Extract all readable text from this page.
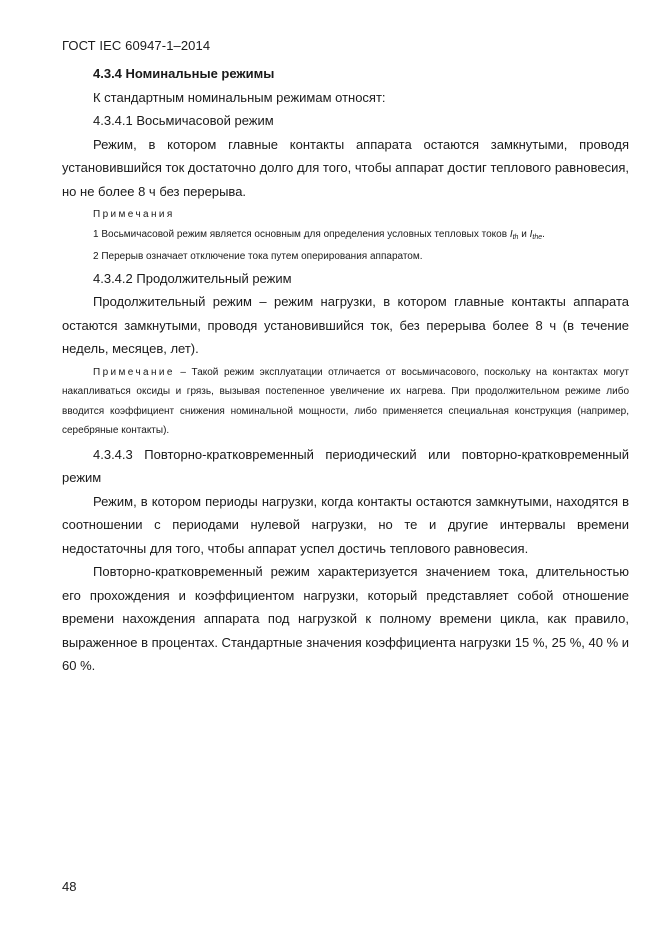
ГОСТ IEC 60947-1–2014

4.3.4 Номинальные режимы

К стандартным номинальным режимам относят:

4.3.4.1 Восьмичасовой режим

Режим, в котором главные контакты аппарата остаются замкнутыми, проводя установившийся ток достаточно долго для того, чтобы аппарат достиг теплового равновесия, но не более 8 ч без перерыва.

Примечания

1 Восьмичасовой режим является основным для определения условных тепловых токов $I_{th}$ и $I_{the}$.

2 Перерыв означает отключение тока путем оперирования аппаратом.

4.3.4.2 Продолжительный режим

Продолжительный режим – режим нагрузки, в котором главные контакты аппарата остаются замкнутыми, проводя установившийся ток, без перерыва более 8 ч (в течение недель, месяцев, лет).

Примечание – Такой режим эксплуатации отличается от восьмичасового, поскольку на контактах могут накапливаться оксиды и грязь, вызывая постепенное увеличение их нагрева. При продолжительном режиме либо вводится коэффициент снижения номинальной мощности, либо применяется специальная конструкция (например, серебряные контакты).

4.3.4.3 Повторно-кратковременный периодический или повторно-кратковременный режим

Режим, в котором периоды нагрузки, когда контакты остаются замкнутыми, находятся в соотношении с периодами нулевой нагрузки, но те и другие интервалы времени недостаточны для того, чтобы аппарат успел достичь теплового равновесия.

Повторно-кратковременный режим характеризуется значением тока, длительностью его прохождения и коэффициентом нагрузки, который представляет собой отношение времени нахождения аппарата под нагрузкой к полному времени цикла, как правило, выраженное в процентах. Стандартные значения коэффициента нагрузки 15 %, 25 %, 40 % и 60 %.

48
